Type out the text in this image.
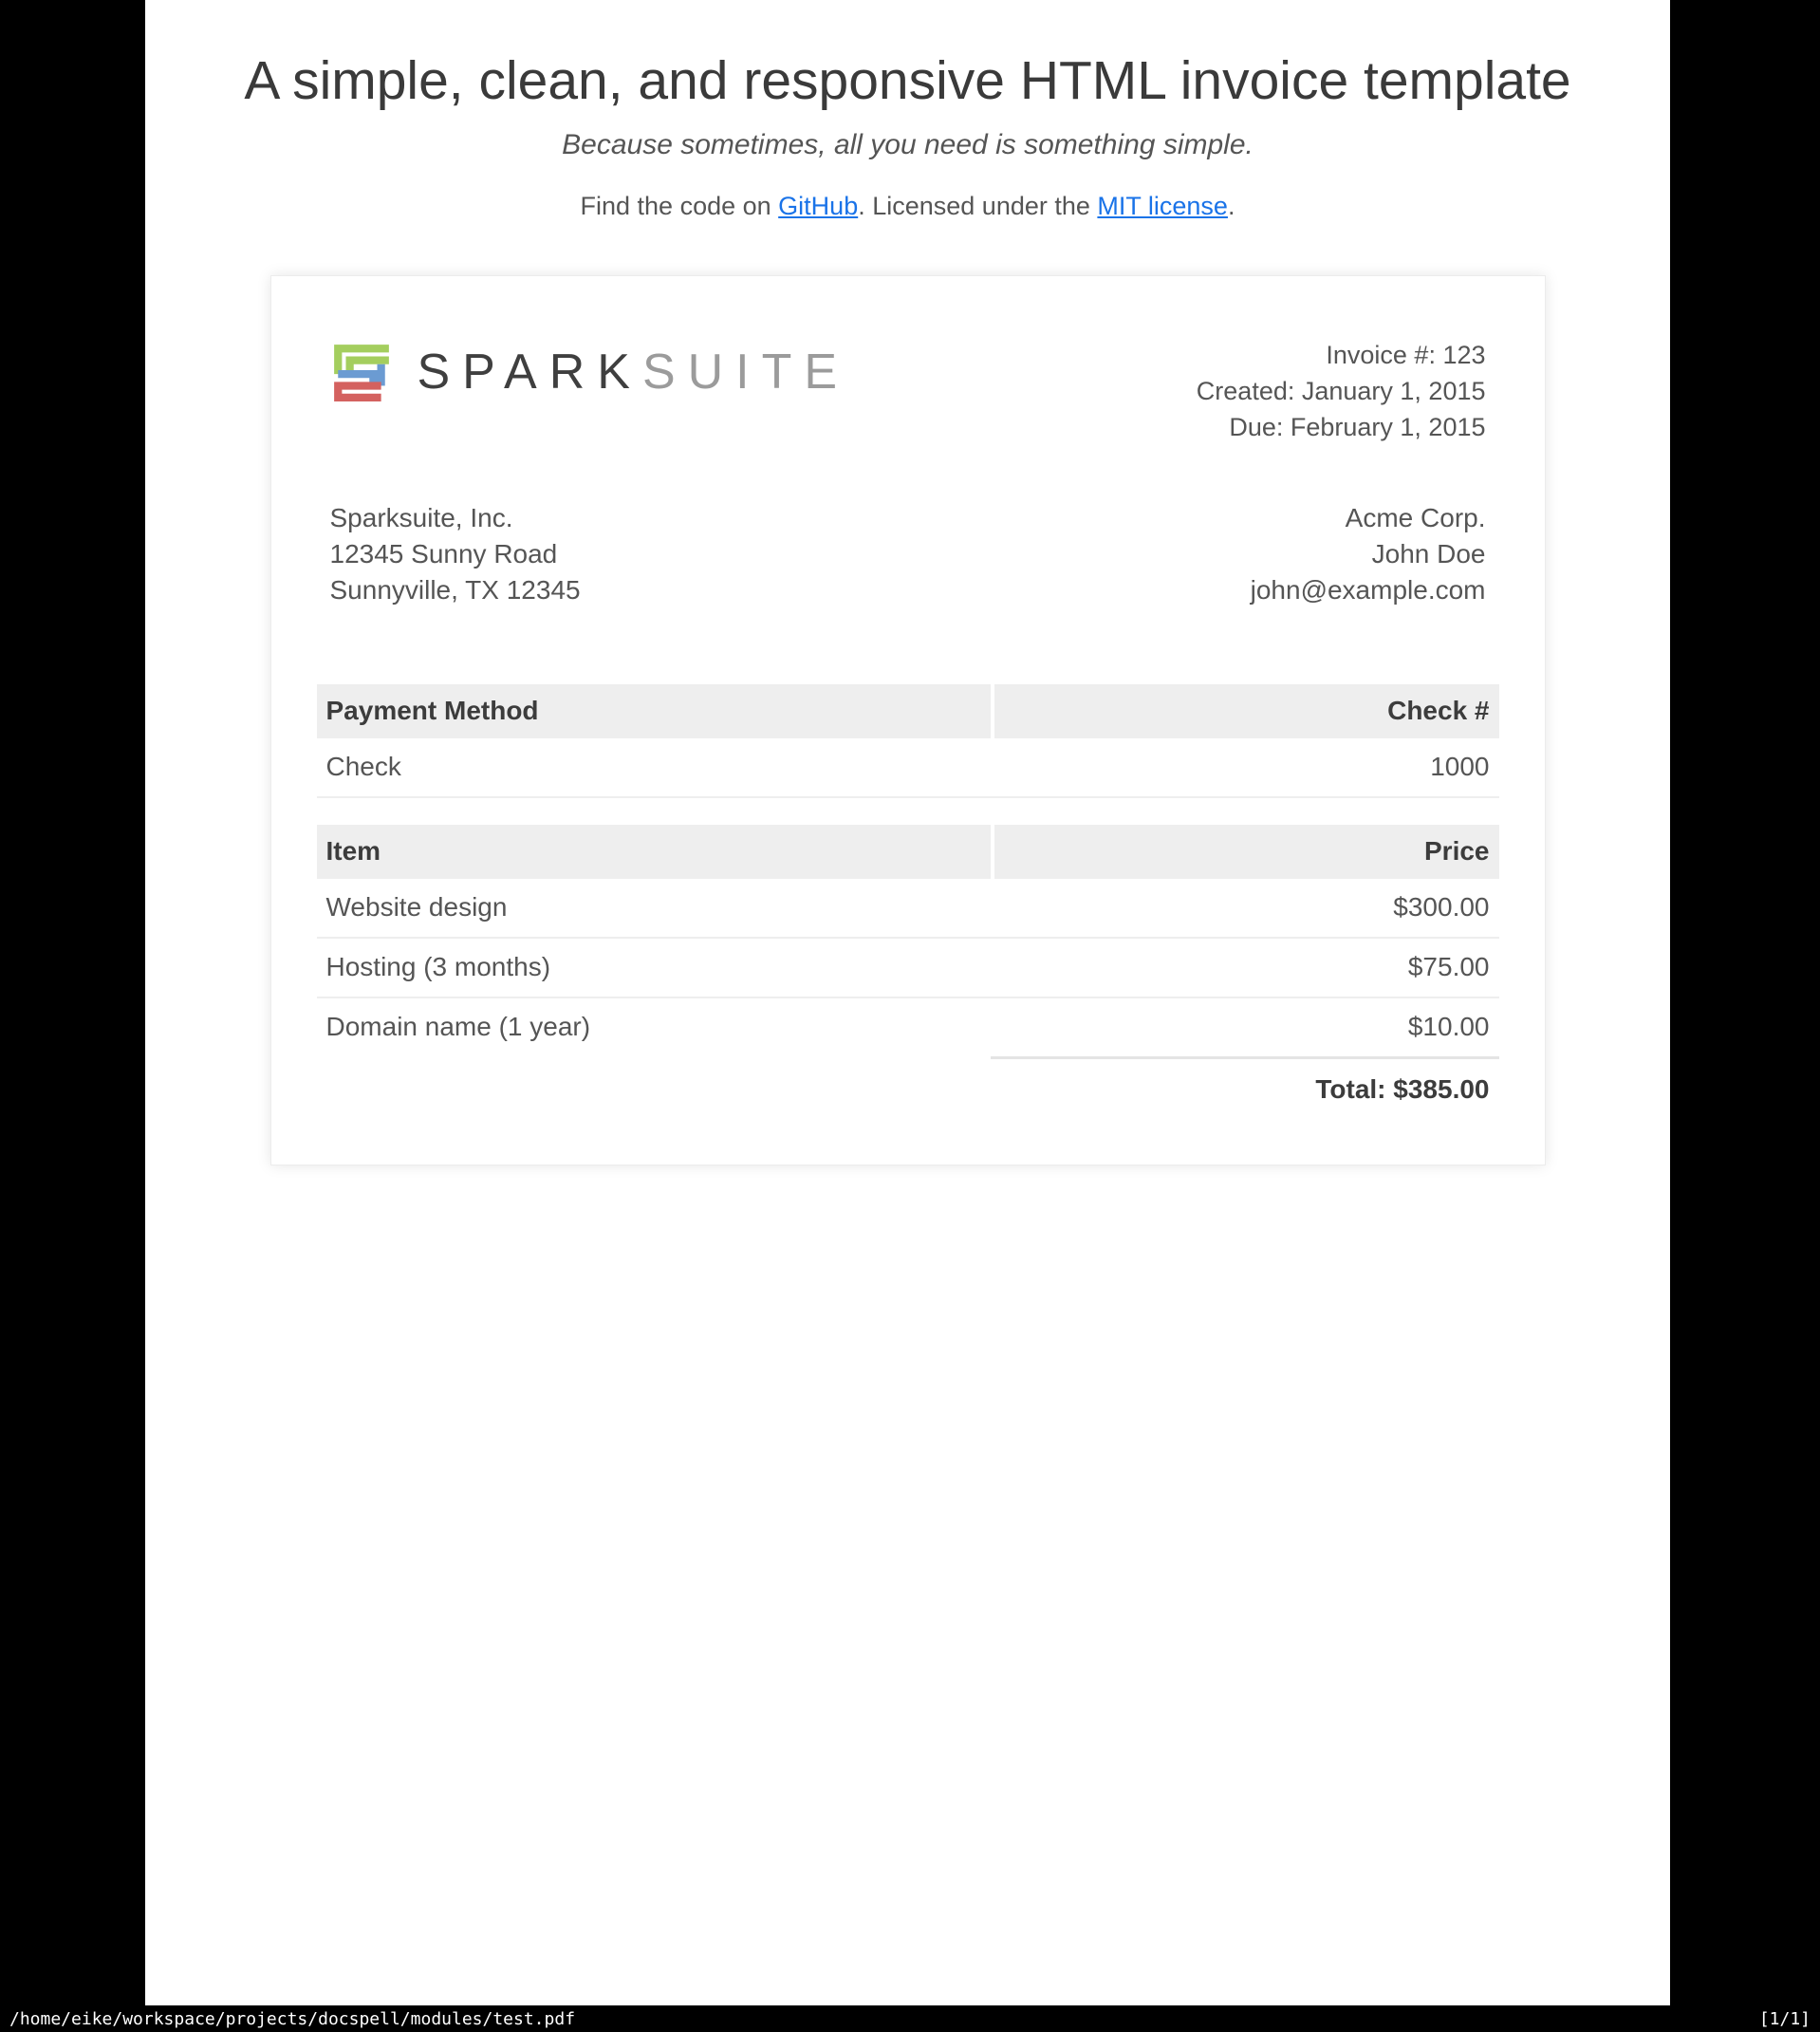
A simple, clean, and responsive HTML invoice template

Because sometimes, all you need is something simple.

Find the code on GitHub. Licensed under the MIT license.

SPARKSUITE	Invoice #: 123
Created: January 1, 2015
Due: February 1, 2015
Sparksuite, Inc.
12345 Sunny Road
Sunnyville, TX 12345
Acme Corp.
John Doe
john@example.com
Payment Method	Check #
Check	1000
Item	Price
Website design	$300.00
Hosting (3 months)	$75.00
Domain name (1 year)	$10.00
	Total: $385.00
/home/eike/workspace/projects/docspell/modules/test.pdf	[1/1]
